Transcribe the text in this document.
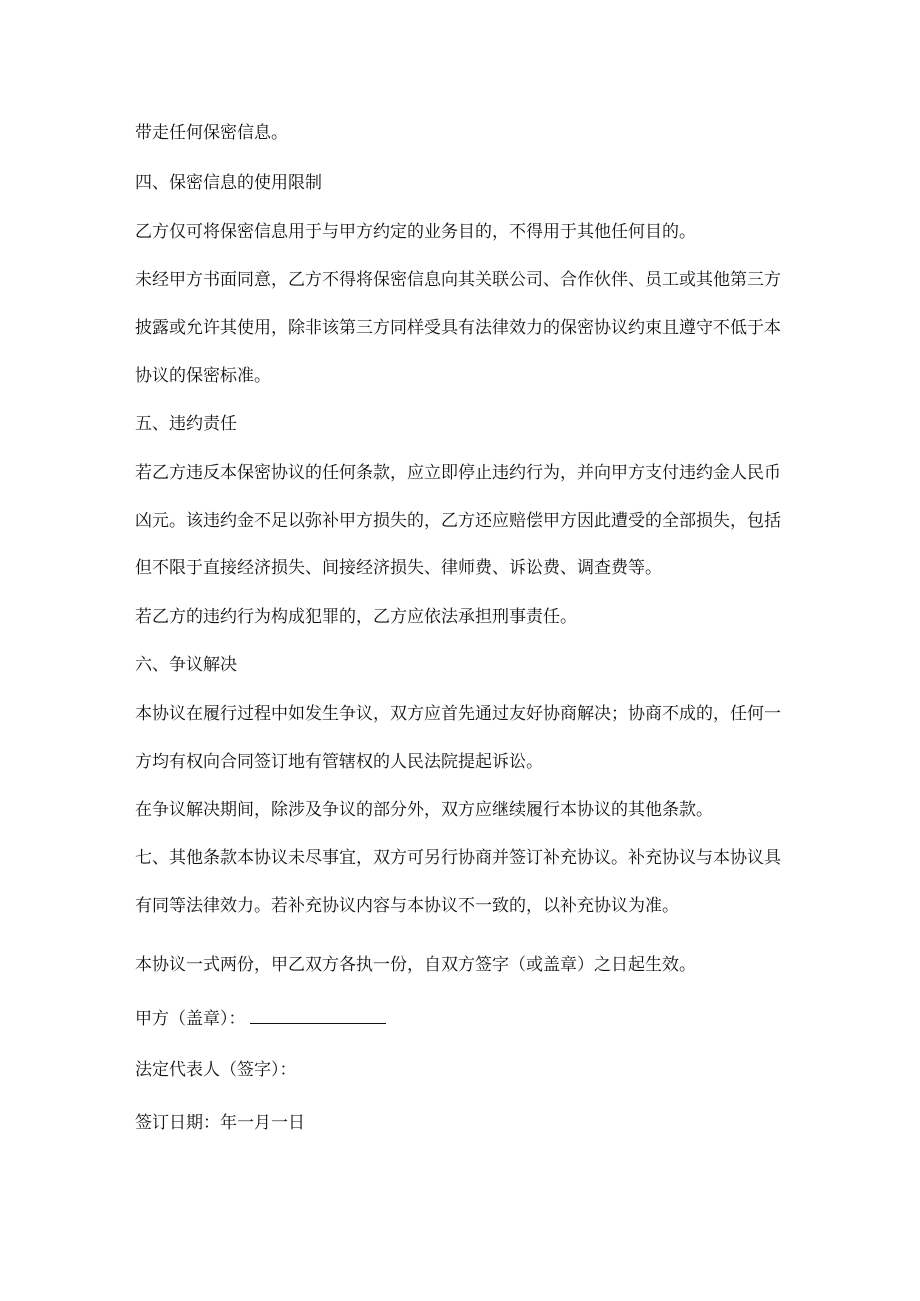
带走任何保密信息。

四、保密信息的使用限制

乙方仅可将保密信息用于与甲方约定的业务目的，不得用于其他任何目的。

未经甲方书面同意，乙方不得将保密信息向其关联公司、合作伙伴、员工或其他第三方

披露或允许其使用，除非该第三方同样受具有法律效力的保密协议约束且遵守不低于本

协议的保密标准。

五、违约责任

若乙方违反本保密协议的任何条款，应立即停止违约行为，并向甲方支付违约金人民币

凶元。该违约金不足以弥补甲方损失的，乙方还应赔偿甲方因此遭受的全部损失，包括

但不限于直接经济损失、间接经济损失、律师费、诉讼费、调查费等。

若乙方的违约行为构成犯罪的，乙方应依法承担刑事责任。

六、争议解决

本协议在履行过程中如发生争议，双方应首先通过友好协商解决；协商不成的，任何一

方均有权向合同签订地有管辖权的人民法院提起诉讼。

在争议解决期间，除涉及争议的部分外，双方应继续履行本协议的其他条款。

七、其他条款本协议未尽事宜，双方可另行协商并签订补充协议。补充协议与本协议具

有同等法律效力。若补充协议内容与本协议不一致的，以补充协议为准。

本协议一式两份，甲乙双方各执一份，自双方签字（或盖章）之日起生效。

甲方（盖章）：

法定代表人（签字）：

签订日期：年一月一日
